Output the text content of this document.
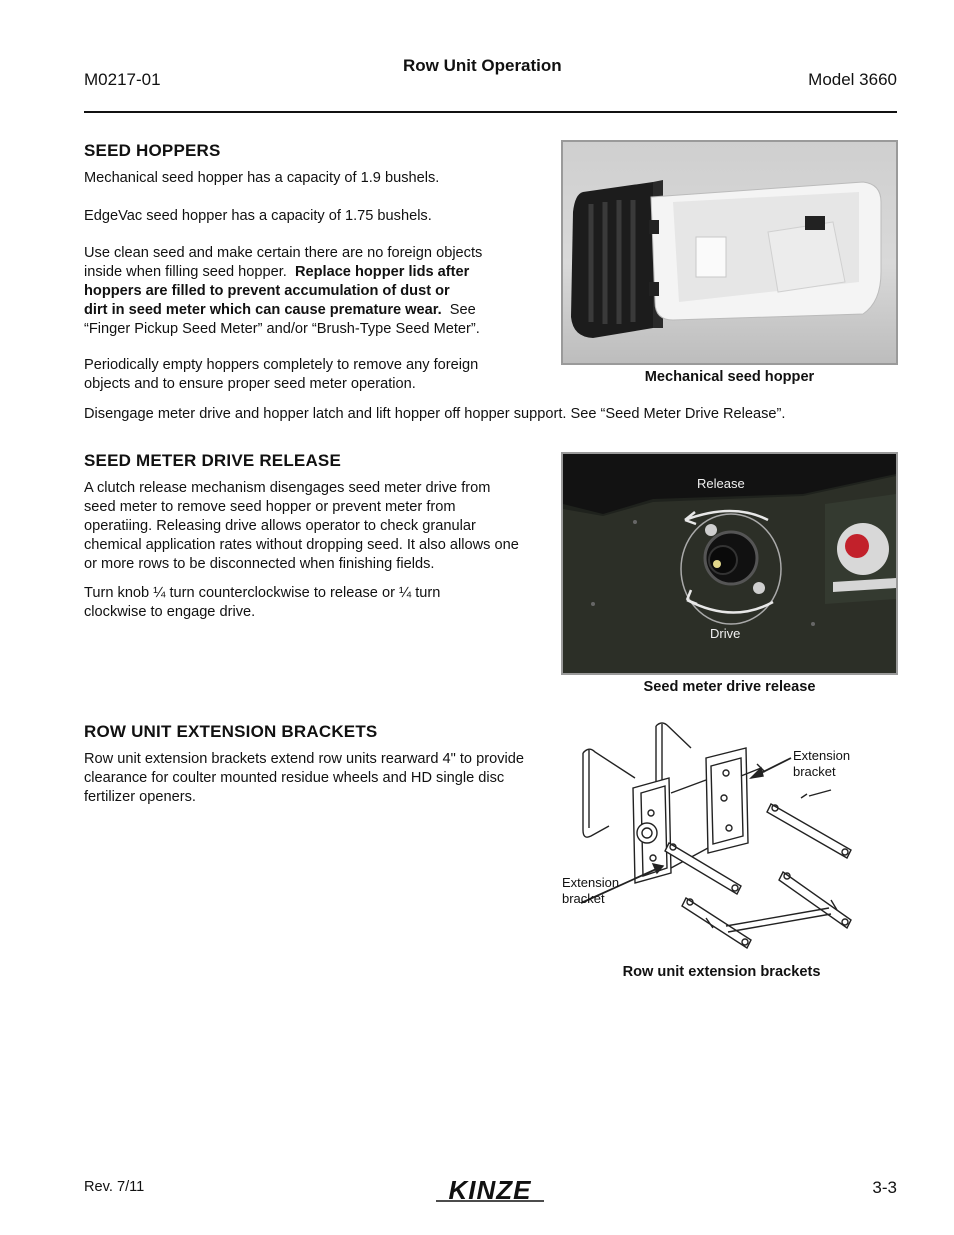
M0217-01
Row Unit Operation
Model 3660
SEED HOPPERS

Mechanical seed hopper has a capacity of 1.9 bushels.

EdgeVac seed hopper has a capacity of 1.75 bushels.

Use clean seed and make certain there are no foreign objects

inside when filling seed hopper.  Replace hopper lids after

hoppers are filled to prevent accumulation of dust or

dirt in seed meter which can cause premature wear.  See

“Finger Pickup Seed Meter” and/or “Brush-Type Seed Meter”.

Periodically empty hoppers completely to remove any foreign objects and to ensure proper seed meter operation.	Mechanical seed hopper

Disengage meter drive and hopper latch and lift hopper off hopper support. See “Seed Meter Drive Release”.

SEED METER DRIVE RELEASE

A clutch release mechanism disengages seed meter drive from seed meter to remove seed hopper or prevent meter from operatiing. Releasing drive allows operator to check granular chemical application rates without dropping seed. It also allows one or more rows to be disconnected when finishing fields.

Turn knob ¼ turn counterclockwise to release or ¼ turn clockwise to engage drive.

Release
Drive
Seed meter drive release
ROW UNIT EXTENSION BRACKETS

Row unit extension brackets extend row units rearward 4" to provide clearance for coulter mounted residue wheels and HD single disc fertilizer openers.

Extension
bracket
Extension
bracket
Row unit extension brackets
Rev. 7/11	KINZE	3-3
